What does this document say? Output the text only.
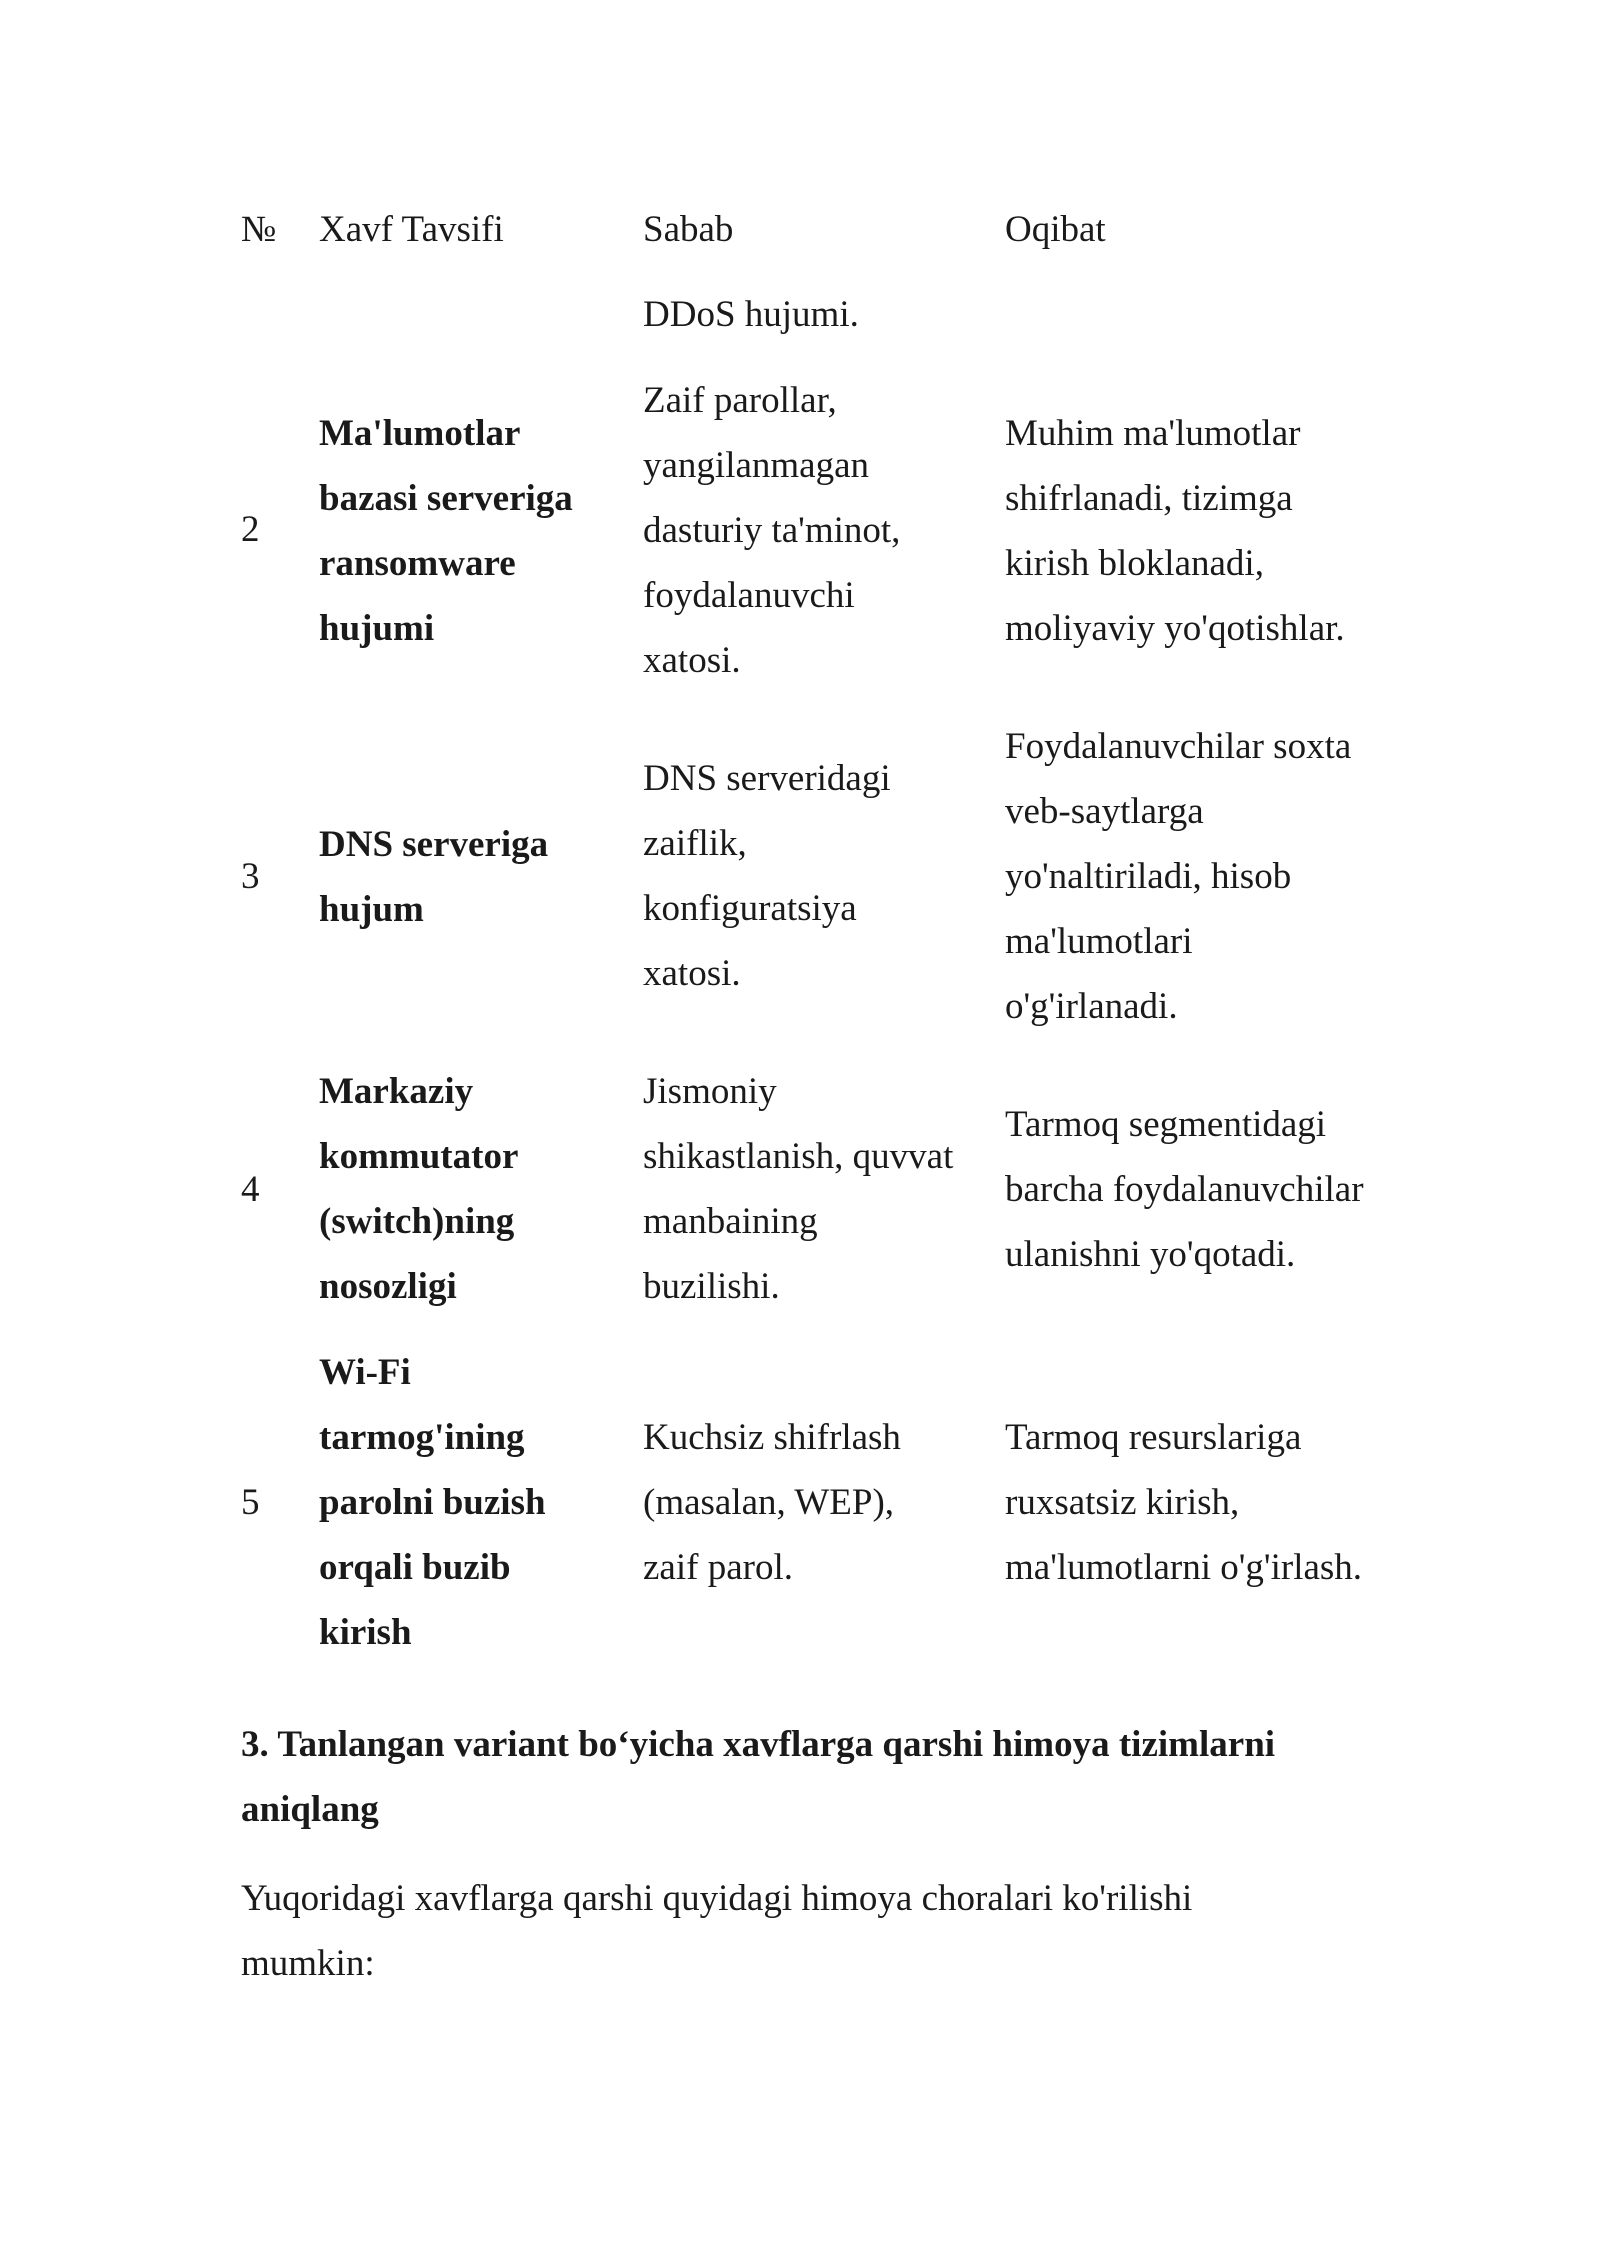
№ Xavf Tavsifi	Sabab	Oqibat
DDoS hujumi.
2
Ma'lumotlar
bazasi serveriga
ransomware
hujumi
Zaif parollar,
yangilanmagan
dasturiy ta'minot,
foydalanuvchi
xatosi.
Muhim ma'lumotlar
shifrlanadi, tizimga
kirish bloklanadi,
moliyaviy yo'qotishlar.
3
DNS serveriga
hujum
DNS serveridagi
zaiflik,
konfiguratsiya
xatosi.
Foydalanuvchilar soxta
veb-saytlarga
yo'naltiriladi, hisob
ma'lumotlari
o'g'irlanadi.
4
Markaziy
kommutator
(switch)ning
nosozligi
Jismoniy
shikastlanish, quvvat
manbaining
buzilishi.
Tarmoq segmentidagi
barcha foydalanuvchilar
ulanishni yo'qotadi.
5
Wi-Fi
tarmog'ining
parolni buzish
orqali buzib
kirish
Kuchsiz shifrlash
(masalan, WEP),
zaif parol.
Tarmoq resurslariga
ruxsatsiz kirish,
ma'lumotlarni o'g'irlash.
3. Tanlangan variant bo‘yicha xavflarga qarshi himoya tizimlarni
aniqlang
Yuqoridagi xavflarga qarshi quyidagi himoya choralari ko'rilishi
mumkin:
